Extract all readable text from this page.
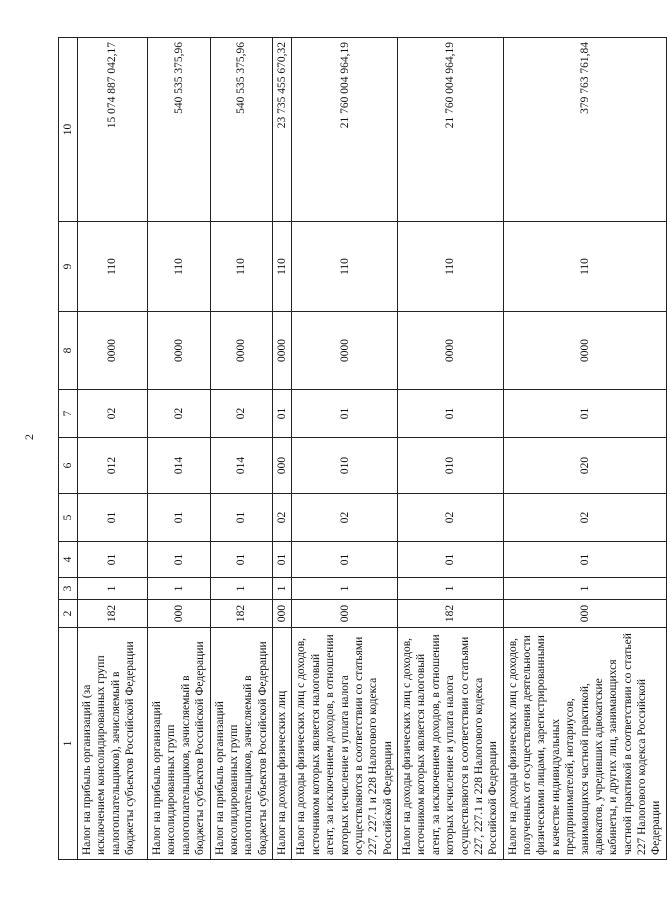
2
1	2	3	4	5	6	7	8	9	10
Налог на прибыль организаций (за исключением консолидированных групп налогоплательщиков), зачисляемый в бюджеты субъектов Российской Федерации	182	1	01	01	012	02	0000	110	15 074 887 042,17
Налог на прибыль организаций консолидированных групп налогоплательщиков, зачисляемый в бюджеты субъектов Российской Федерации	000	1	01	01	014	02	0000	110	540 535 375,96
Налог на прибыль организаций консолидированных групп налогоплательщиков, зачисляемый в бюджеты субъектов Российской Федерации	182	1	01	01	014	02	0000	110	540 535 375,96
Налог на доходы физических лиц	000	1	01	02	000	01	0000	110	23 735 455 670,32
Налог на доходы физических лиц с доходов, источником которых является налоговый агент, за исключением доходов, в отношении которых исчисление и уплата налога осуществляются в соответствии со статьями 227, 227.1 и 228 Налогового кодекса Российской Федерации	000	1	01	02	010	01	0000	110	21 760 004 964,19
Налог на доходы физических лиц с доходов, источником которых является налоговый агент, за исключением доходов, в отношении которых исчисление и уплата налога осуществляются в соответствии со статьями 227, 227.1 и 228 Налогового кодекса Российской Федерации	182	1	01	02	010	01	0000	110	21 760 004 964,19
Налог на доходы физических лиц с доходов, полученных от осуществления деятельности физическими лицами, зарегистрированными в качестве индивидуальных предпринимателей, нотариусов, занимающихся частной практикой, адвокатов, учредивших адвокатские кабинеты, и других лиц, занимающихся частной практикой в соответствии со статьей 227 Налогового кодекса Российской Федерации	000	1	01	02	020	01	0000	110	379 763 761,84
